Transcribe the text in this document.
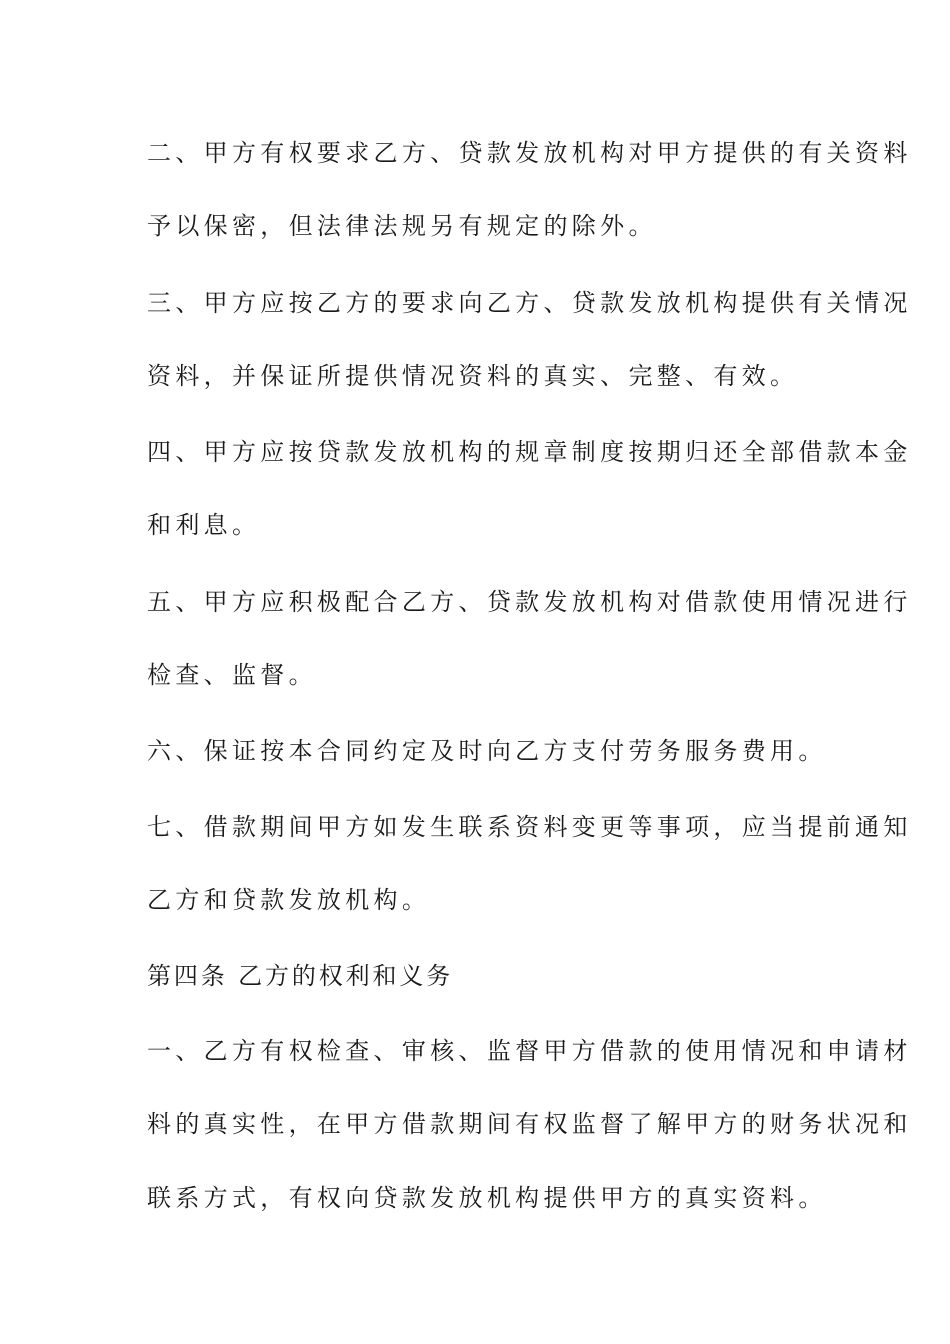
二、甲方有权要求乙方、贷款发放机构对甲方提供的有关资料

予以保密，但法律法规另有规定的除外。

三、甲方应按乙方的要求向乙方、贷款发放机构提供有关情况

资料，并保证所提供情况资料的真实、完整、有效。

四、甲方应按贷款发放机构的规章制度按期归还全部借款本金

和利息。

五、甲方应积极配合乙方、贷款发放机构对借款使用情况进行

检查、监督。

六、保证按本合同约定及时向乙方支付劳务服务费用。

七、借款期间甲方如发生联系资料变更等事项，应当提前通知

乙方和贷款发放机构。

第四条 乙方的权利和义务

一、乙方有权检查、审核、监督甲方借款的使用情况和申请材

料的真实性，在甲方借款期间有权监督了解甲方的财务状况和

联系方式，有权向贷款发放机构提供甲方的真实资料。
